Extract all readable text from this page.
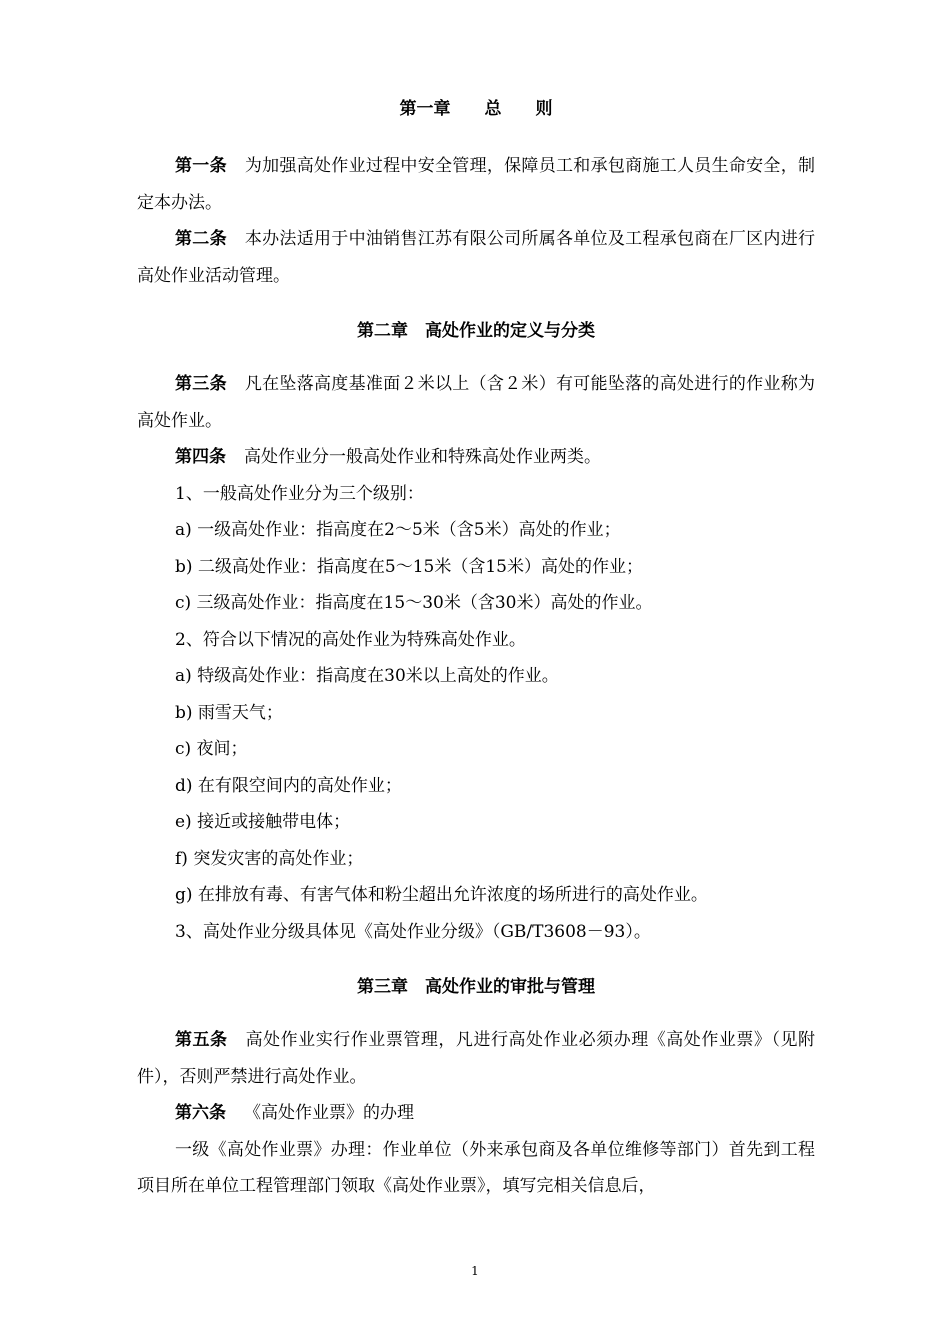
第一章　　总　　则

第一条 为加强高处作业过程中安全管理，保障员工和承包商施工人员生命安全，制定本办法。

第二条 本办法适用于中油销售江苏有限公司所属各单位及工程承包商在厂区内进行高处作业活动管理。

第二章　高处作业的定义与分类

第三条 凡在坠落高度基准面２米以上（含２米）有可能坠落的高处进行的作业称为高处作业。

第四条 高处作业分一般高处作业和特殊高处作业两类。

1、一般高处作业分为三个级别：

a) 一级高处作业：指高度在2～5米（含5米）高处的作业；

b) 二级高处作业：指高度在5～15米（含15米）高处的作业；

c) 三级高处作业：指高度在15～30米（含30米）高处的作业。

2、符合以下情况的高处作业为特殊高处作业。

a) 特级高处作业：指高度在30米以上高处的作业。

b) 雨雪天气；

c) 夜间；

d) 在有限空间内的高处作业；

e) 接近或接触带电体；

f) 突发灾害的高处作业；

g) 在排放有毒、有害气体和粉尘超出允许浓度的场所进行的高处作业。

3、高处作业分级具体见《高处作业分级》（GB/T3608－93）。

第三章　高处作业的审批与管理

第五条 高处作业实行作业票管理，凡进行高处作业必须办理《高处作业票》（见附件），否则严禁进行高处作业。

第六条 《高处作业票》的办理

一级《高处作业票》办理：作业单位（外来承包商及各单位维修等部门）首先到工程项目所在单位工程管理部门领取《高处作业票》，填写完相关信息后，

1
